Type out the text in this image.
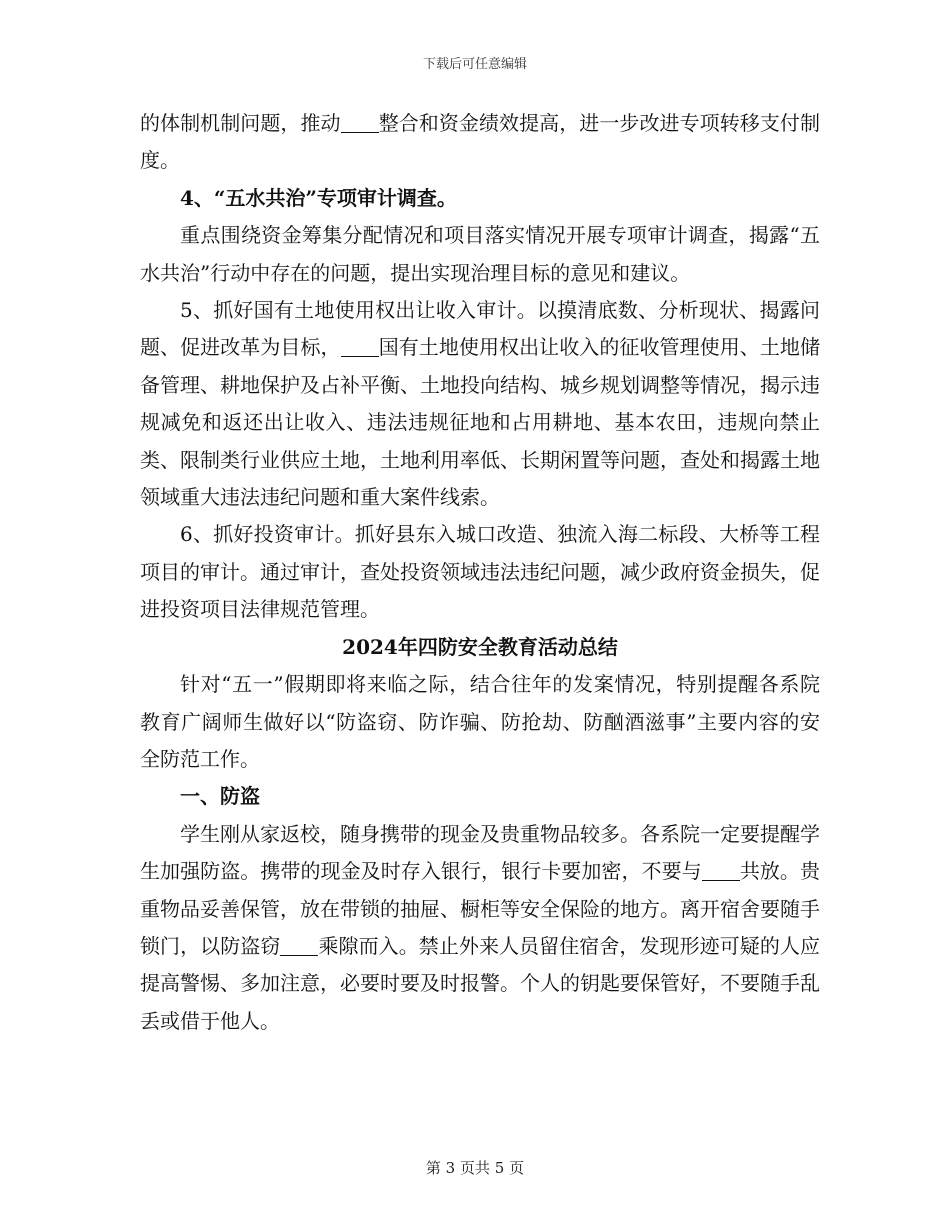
下载后可任意编辑

的体制机制问题，推动 整合和资金绩效提高，进一步改进专项转移支付制度。

4、“五水共治”专项审计调查。

重点围绕资金筹集分配情况和项目落实情况开展专项审计调查，揭露“五水共治”行动中存在的问题，提出实现治理目标的意见和建议。

5、抓好国有土地使用权出让收入审计。以摸清底数、分析现状、揭露问题、促进改革为目标， 国有土地使用权出让收入的征收管理使用、土地储备管理、耕地保护及占补平衡、土地投向结构、城乡规划调整等情况，揭示违规减免和返还出让收入、违法违规征地和占用耕地、基本农田，违规向禁止类、限制类行业供应土地，土地利用率低、长期闲置等问题，查处和揭露土地领域重大违法违纪问题和重大案件线索。

6、抓好投资审计。抓好县东入城口改造、独流入海二标段、大桥等工程项目的审计。通过审计，查处投资领域违法违纪问题，减少政府资金损失，促进投资项目法律规范管理。

2024年四防安全教育活动总结

针对“五一”假期即将来临之际，结合往年的发案情况，特别提醒各系院教育广阔师生做好以“防盗窃、防诈骗、防抢劫、防酗酒滋事”主要内容的安全防范工作。

一、防盗

学生刚从家返校，随身携带的现金及贵重物品较多。各系院一定要提醒学生加强防盗。携带的现金及时存入银行，银行卡要加密，不要与 共放。贵重物品妥善保管，放在带锁的抽屉、橱柜等安全保险的地方。离开宿舍要随手锁门，以防盗窃 乘隙而入。禁止外来人员留住宿舍，发现形迹可疑的人应提高警惕、多加注意，必要时要及时报警。个人的钥匙要保管好，不要随手乱丢或借于他人。

第 3 页共 5 页
